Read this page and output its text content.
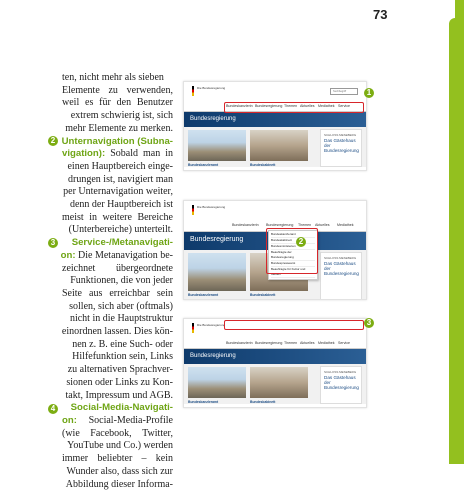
73
ten, nicht mehr als sieben
Elemente zu verwenden,
weil es für den Benutzer
extrem schwierig ist, sich
mehr Elemente zu merken.
Unternavigation (Subna-
vigation): Sobald man in
einen Hauptbereich einge-
drungen ist, navigiert man
per Unternavigation weiter,
denn der Hauptbereich ist
meist in weitere Bereiche
(Unterbereiche) unterteilt.
Service-/Metanavigati-
on: Die Metanavigation be-
zeichnet übergeordnete
Funktionen, die von jeder
Seite aus erreichbar sein
sollen, sich aber (oftmals)
nicht in die Hauptstruktur
einordnen lassen. Dies kön-
nen z. B. eine Such- oder
Hilfefunktion sein, Links
zu alternativen Sprachver-
sionen oder Links zu Kon-
takt, Impressum und AGB.
Social-Media-Navigati-
on: Social-Media-Profile
(wie Facebook, Twitter,
YouTube und Co.) werden
immer beliebter – kein
Wunder also, dass sich zur
Abbildung dieser Informa-
2
3
4
Die Bundesregierung
Suchbegriff
Bundeskanzlerin Bundesregierung Themen Aktuelles Mediathek Service
Bundesregierung
SCHLOSS MESEBERG
Das Gästehaus der Bundesregierung
Bundeskanzleramt	Bundeskabinett
1
Die Bundesregierung
Bundeskanzlerin Bundesregierung Themen Aktuelles Mediathek
Bundesregierung
SCHLOSS MESEBERG
Das Gästehaus der Bundesregierung
Bundeskanzleramt	Bundeskabinett
Bundeskanzleramt
Bundeskabinett
Bundesministerien
Beauftragte der Bundesregierung
Bundespresseamt
Beauftragte für Kultur und Medien
2
Die Bundesregierung
Bundeskanzlerin Bundesregierung Themen Aktuelles Mediathek Service
Bundesregierung
SCHLOSS MESEBERG
Das Gästehaus der Bundesregierung
Bundeskanzleramt	Bundeskabinett
3
